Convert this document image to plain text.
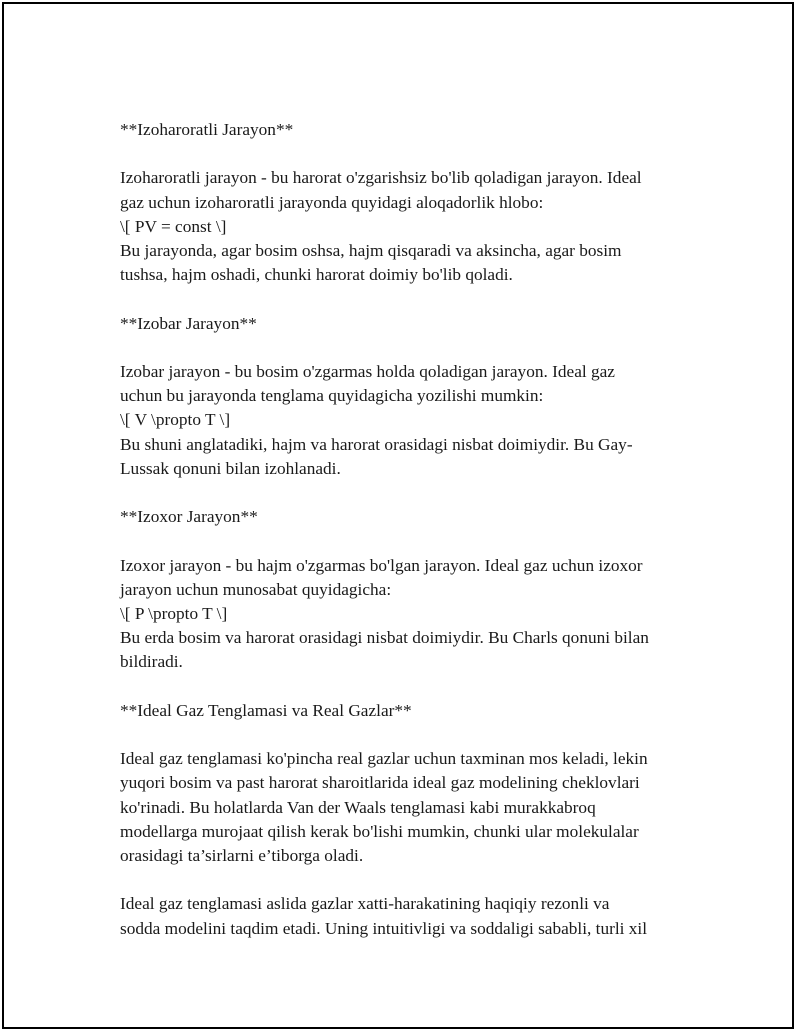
**Izoharoratli Jarayon**

Izoharoratli jarayon - bu harorat o'zgarishsiz bo'lib qoladigan jarayon. Ideal
gaz uchun izoharoratli jarayonda quyidagi aloqadorlik hlobo:
\[ PV = const \]
Bu jarayonda, agar bosim oshsa, hajm qisqaradi va aksincha, agar bosim
tushsa, hajm oshadi, chunki harorat doimiy bo'lib qoladi.

**Izobar Jarayon**

Izobar jarayon - bu bosim o'zgarmas holda qoladigan jarayon. Ideal gaz
uchun bu jarayonda tenglama quyidagicha yozilishi mumkin:
\[ V \propto T \]
Bu shuni anglatadiki, hajm va harorat orasidagi nisbat doimiydir. Bu Gay-
Lussak qonuni bilan izohlanadi.

**Izoxor Jarayon**

Izoxor jarayon - bu hajm o'zgarmas bo'lgan jarayon. Ideal gaz uchun izoxor
jarayon uchun munosabat quyidagicha:
\[ P \propto T \]
Bu erda bosim va harorat orasidagi nisbat doimiydir. Bu Charls qonuni bilan
bildiradi.

**Ideal Gaz Tenglamasi va Real Gazlar**

Ideal gaz tenglamasi ko'pincha real gazlar uchun taxminan mos keladi, lekin
yuqori bosim va past harorat sharoitlarida ideal gaz modelining cheklovlari
ko'rinadi. Bu holatlarda Van der Waals tenglamasi kabi murakkabroq
modellarga murojaat qilish kerak bo'lishi mumkin, chunki ular molekulalar
orasidagi ta’sirlarni e’tiborga oladi.

Ideal gaz tenglamasi aslida gazlar xatti-harakatining haqiqiy rezonli va
sodda modelini taqdim etadi. Uning intuitivligi va soddaligi sababli, turli xil
